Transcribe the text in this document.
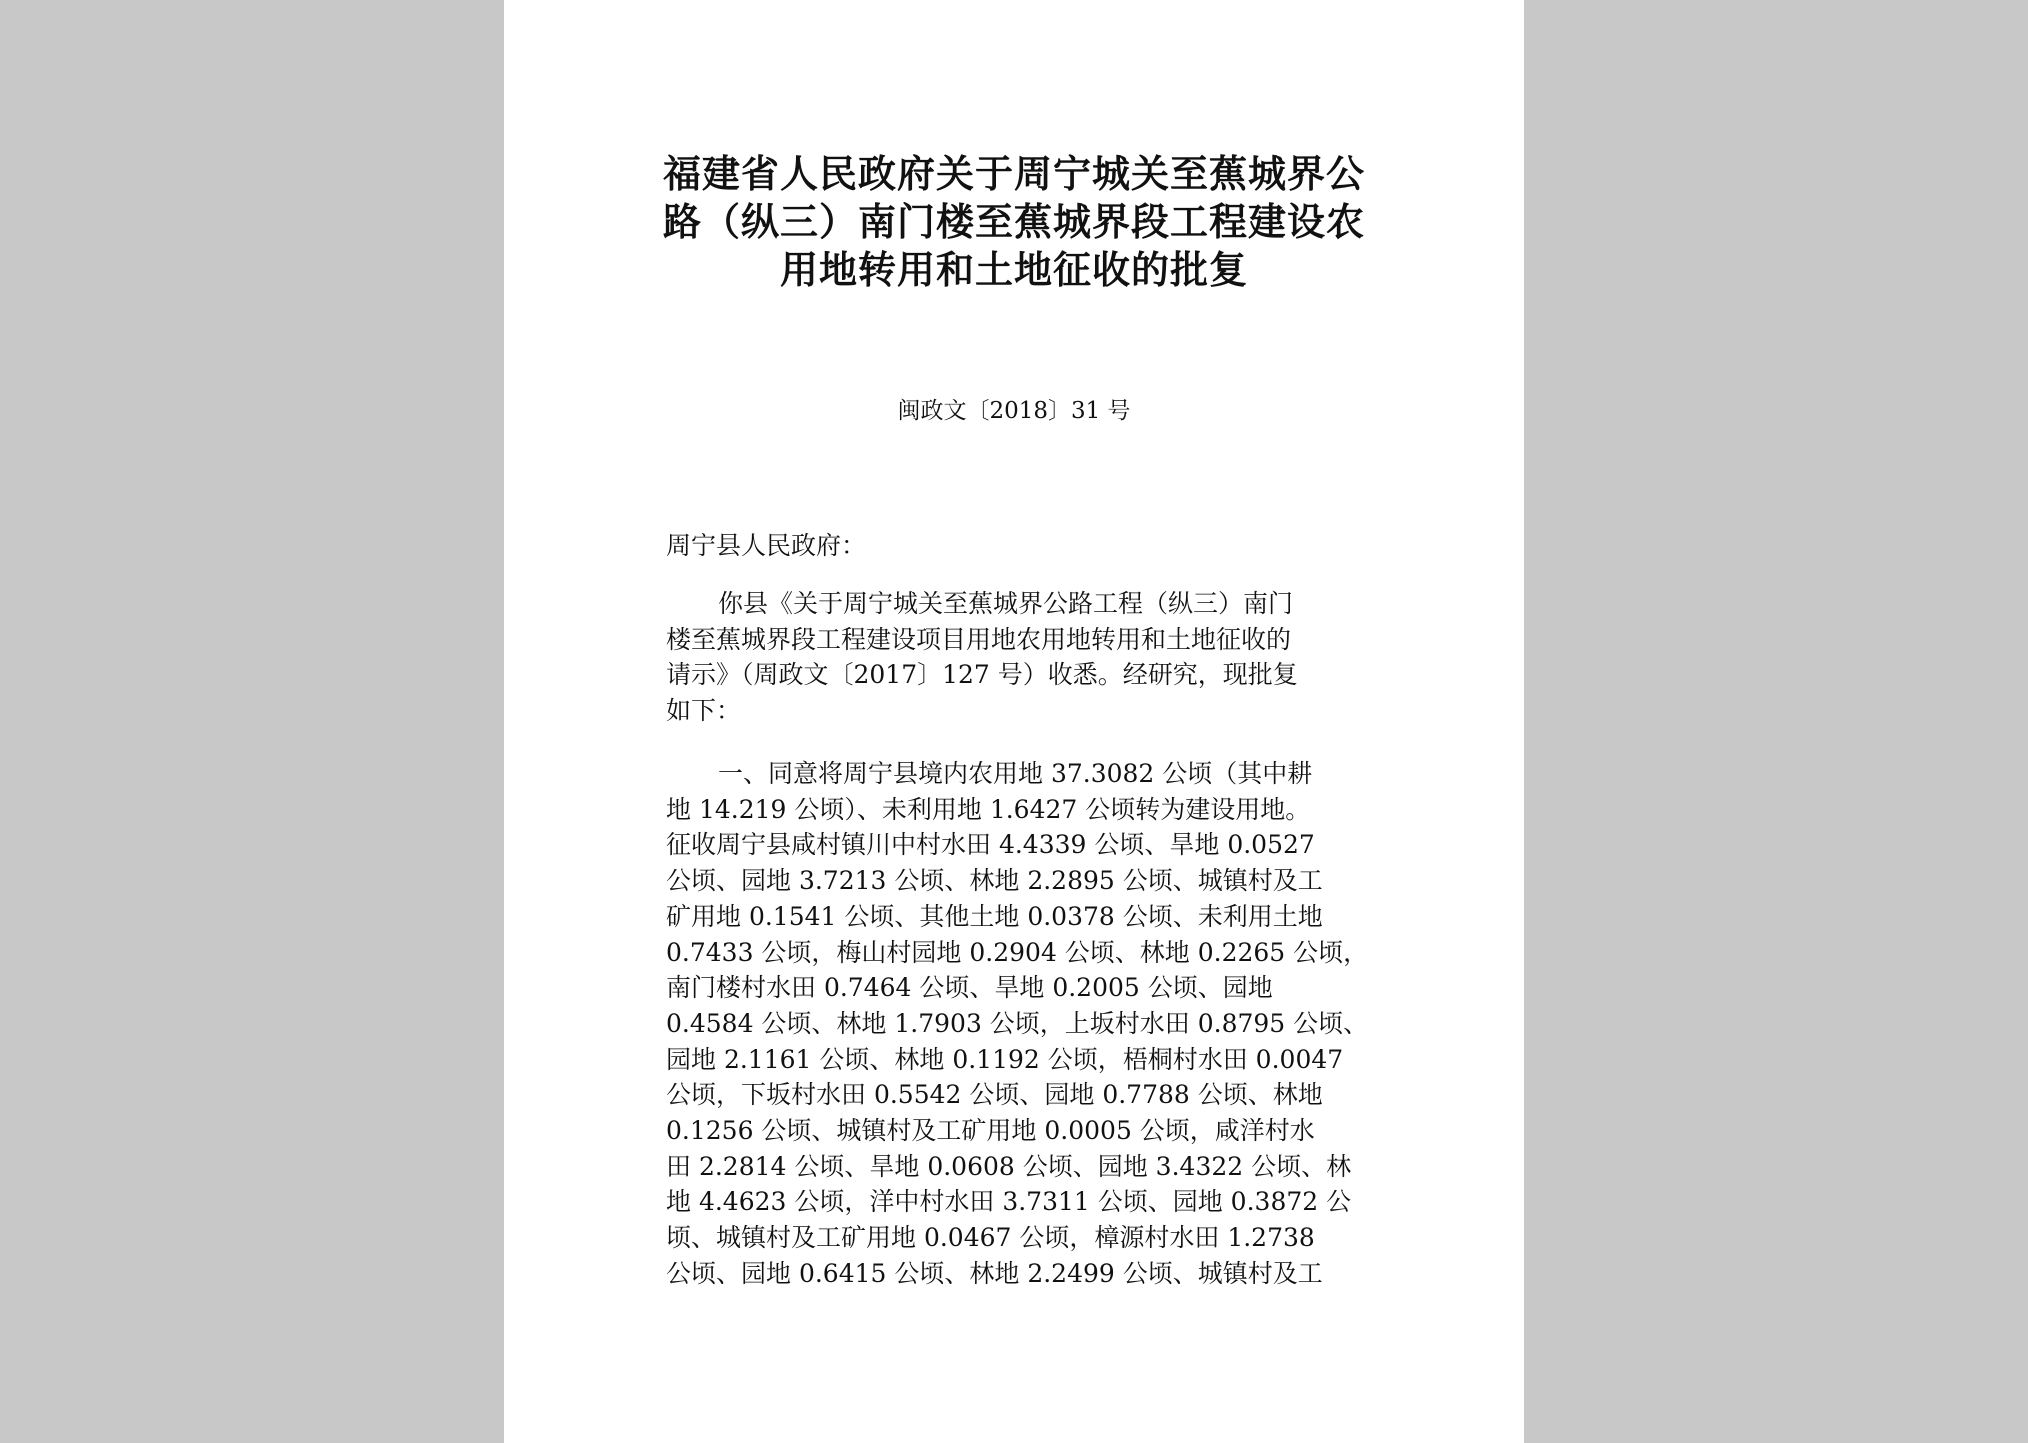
福建省人民政府关于周宁城关至蕉城界公
路（纵三）南门楼至蕉城界段工程建设农
用地转用和土地征收的批复
闽政文〔2018〕31 号

周宁县人民政府：

你县《关于周宁城关至蕉城界公路工程（纵三）南门
楼至蕉城界段工程建设项目用地农用地转用和土地征收的
请示》（周政文〔2017〕127 号）收悉。经研究，现批复
如下：

一、同意将周宁县境内农用地 37.3082 公顷（其中耕
地 14.219 公顷）、未利用地 1.6427 公顷转为建设用地。
征收周宁县咸村镇川中村水田 4.4339 公顷、旱地 0.0527
公顷、园地 3.7213 公顷、林地 2.2895 公顷、城镇村及工
矿用地 0.1541 公顷、其他土地 0.0378 公顷、未利用土地
0.7433 公顷，梅山村园地 0.2904 公顷、林地 0.2265 公顷，
南门楼村水田 0.7464 公顷、旱地 0.2005 公顷、园地
0.4584 公顷、林地 1.7903 公顷，上坂村水田 0.8795 公顷、
园地 2.1161 公顷、林地 0.1192 公顷，梧桐村水田 0.0047
公顷，下坂村水田 0.5542 公顷、园地 0.7788 公顷、林地
0.1256 公顷、城镇村及工矿用地 0.0005 公顷，咸洋村水
田 2.2814 公顷、旱地 0.0608 公顷、园地 3.4322 公顷、林
地 4.4623 公顷，洋中村水田 3.7311 公顷、园地 0.3872 公
顷、城镇村及工矿用地 0.0467 公顷，樟源村水田 1.2738
公顷、园地 0.6415 公顷、林地 2.2499 公顷、城镇村及工
